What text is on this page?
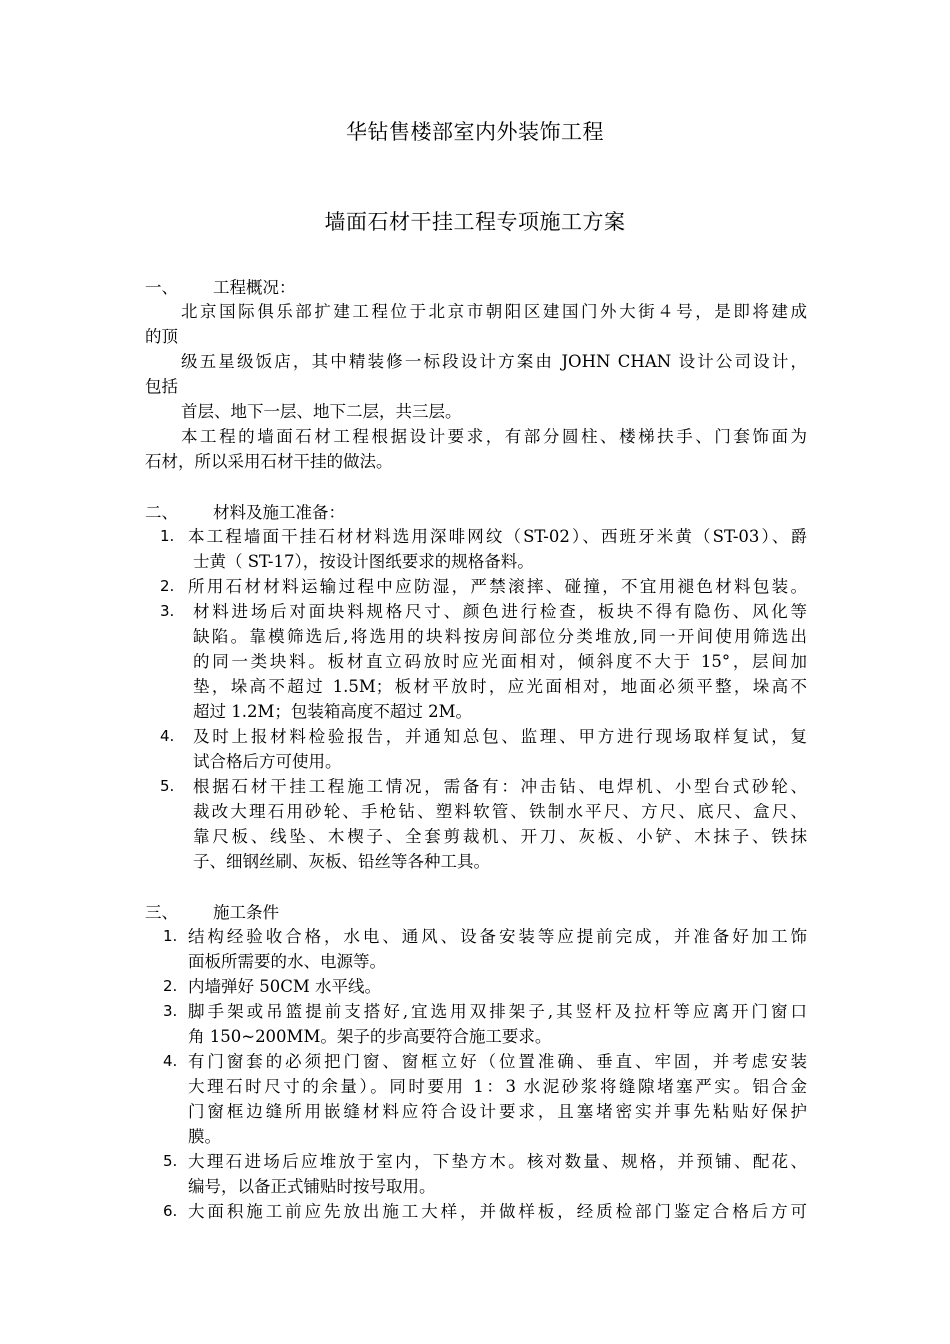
华钻售楼部室内外装饰工程
墙面石材干挂工程专项施工方案
一、 工程概况：
北京国际俱乐部扩建工程位于北京市朝阳区建国门外大街４号，是即将建成
的顶
级五星级饭店，其中精装修一标段设计方案由 JOHN CHAN 设计公司设计，
包括
首层、地下一层、地下二层，共三层。
本工程的墙面石材工程根据设计要求，有部分圆柱、楼梯扶手、门套饰面为
石材，所以采用石材干挂的做法。
二、 材料及施工准备：
1. 本工程墙面干挂石材材料选用深啡网纹（ST-02）、西班牙米黄（ST-03）、爵
士黄（ ST-17），按设计图纸要求的规格备料。
2. 所用石材材料运输过程中应防湿，严禁滚摔、碰撞，不宜用褪色材料包装。
3. 材料进场后对面块料规格尺寸、颜色进行检查，板块不得有隐伤、风化等
缺陷。靠模筛选后,将选用的块料按房间部位分类堆放,同一开间使用筛选出
的同一类块料。板材直立码放时应光面相对，倾斜度不大于 15°，层间加
垫，垛高不超过 1.5M；板材平放时，应光面相对，地面必须平整，垛高不
超过 1.2M；包装箱高度不超过 2M。
4. 及时上报材料检验报告，并通知总包、监理、甲方进行现场取样复试，复
试合格后方可使用。
5. 根据石材干挂工程施工情况，需备有：冲击钻、电焊机、小型台式砂轮、
裁改大理石用砂轮、手枪钻、塑料软管、铁制水平尺、方尺、底尺、盒尺、
靠尺板、线坠、木楔子、全套剪裁机、开刀、灰板、小铲、木抹子、铁抹
子、细钢丝刷、灰板、铅丝等各种工具。
三、 施工条件
1. 结构经验收合格，水电、通风、设备安装等应提前完成，并准备好加工饰
面板所需要的水、电源等。
2. 内墙弹好 50CM 水平线。
3. 脚手架或吊篮提前支搭好,宜选用双排架子,其竖杆及拉杆等应离开门窗口
角 150~200MM。架子的步高要符合施工要求。
4. 有门窗套的必须把门窗、窗框立好（位置准确、垂直、牢固，并考虑安装
大理石时尺寸的余量）。同时要用 1：3 水泥砂浆将缝隙堵塞严实。铝合金
门窗框边缝所用嵌缝材料应符合设计要求，且塞堵密实并事先粘贴好保护
膜。
5. 大理石进场后应堆放于室内，下垫方木。核对数量、规格，并预铺、配花、
编号，以备正式铺贴时按号取用。
6. 大面积施工前应先放出施工大样，并做样板，经质检部门鉴定合格后方可
